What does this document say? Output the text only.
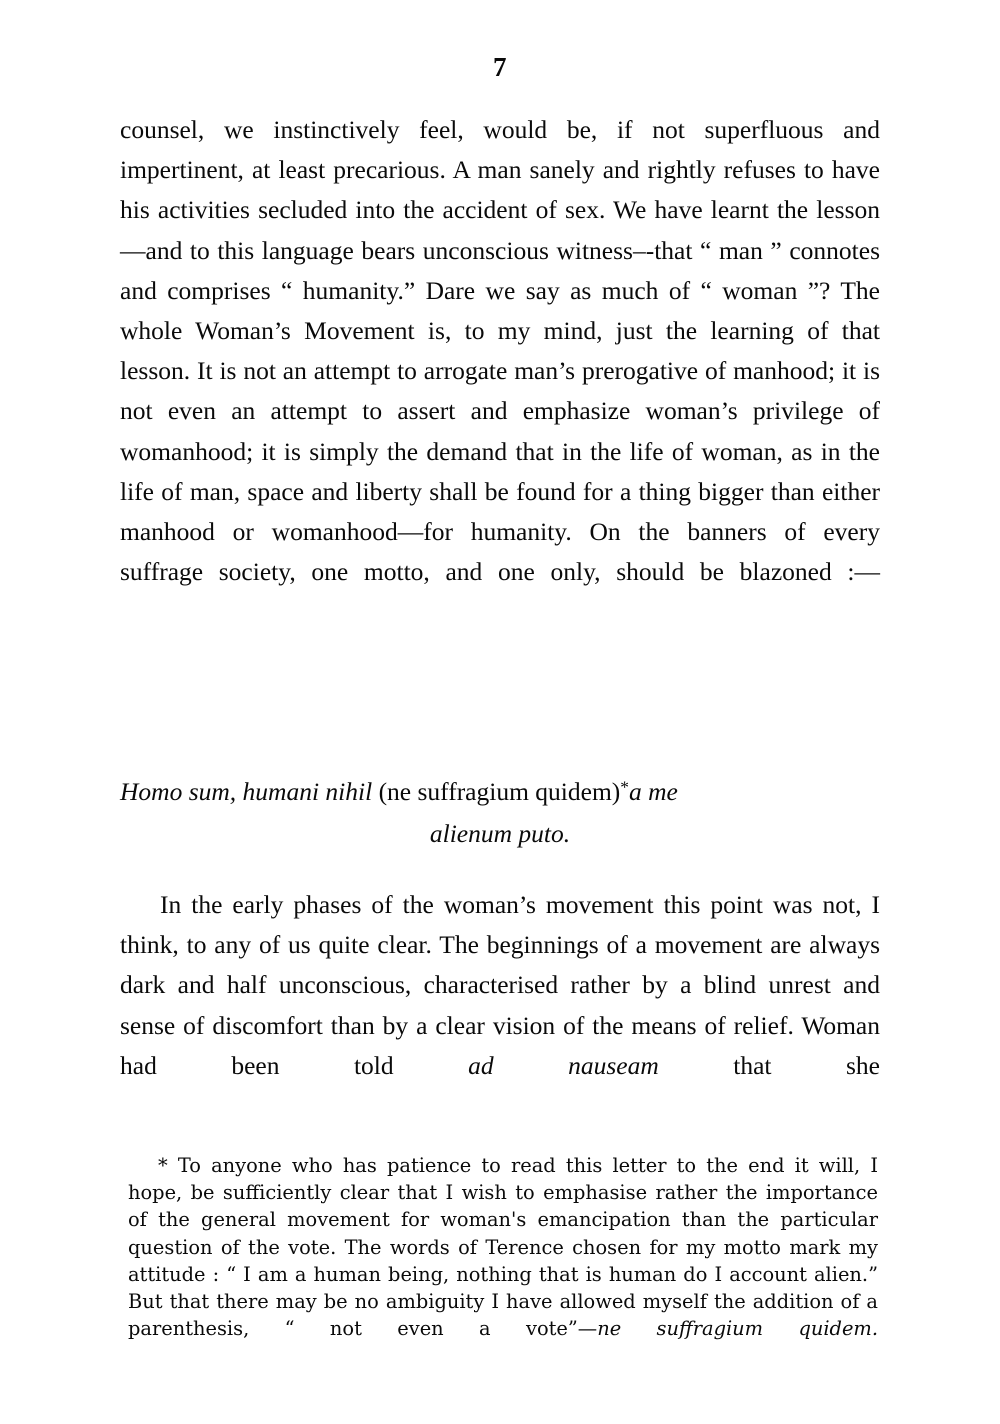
7

counsel, we instinctively feel, would be, if not superfluous and impertinent, at least precarious. A man sanely and rightly refuses to have his activities secluded into the accident of sex. We have learnt the lesson—and to this language bears unconscious witness–-that “ man ” connotes and comprises “ humanity.” Dare we say as much of “ woman ”? The whole Woman’s Movement is, to my mind, just the learning of that lesson. It is not an attempt to arrogate man’s prerogative of manhood; it is not even an attempt to assert and emphasize woman’s privilege of womanhood; it is simply the demand that in the life of woman, as in the life of man, space and liberty shall be found for a thing bigger than either manhood or womanhood—for humanity. On the banners of every suffrage society, one motto, and one only, should be blazoned :—

Homo sum, humani nihil (ne suffragium quidem)*a me
alienum puto.

In the early phases of the woman’s movement this point was not, I think, to any of us quite clear. The beginnings of a movement are always dark and half unconscious, characterised rather by a blind unrest and sense of discomfort than by a clear vision of the means of relief. Woman had been told ad nauseam that she

* To anyone who has patience to read this letter to the end it will, I hope, be sufficiently clear that I wish to emphasise rather the importance of the general movement for woman's emancipation than the particular question of the vote. The words of Terence chosen for my motto mark my attitude : “ I am a human being, nothing that is human do I account alien.” But that there may be no ambiguity I have allowed myself the addition of a parenthesis, “ not even a vote”—ne suffragium quidem.
